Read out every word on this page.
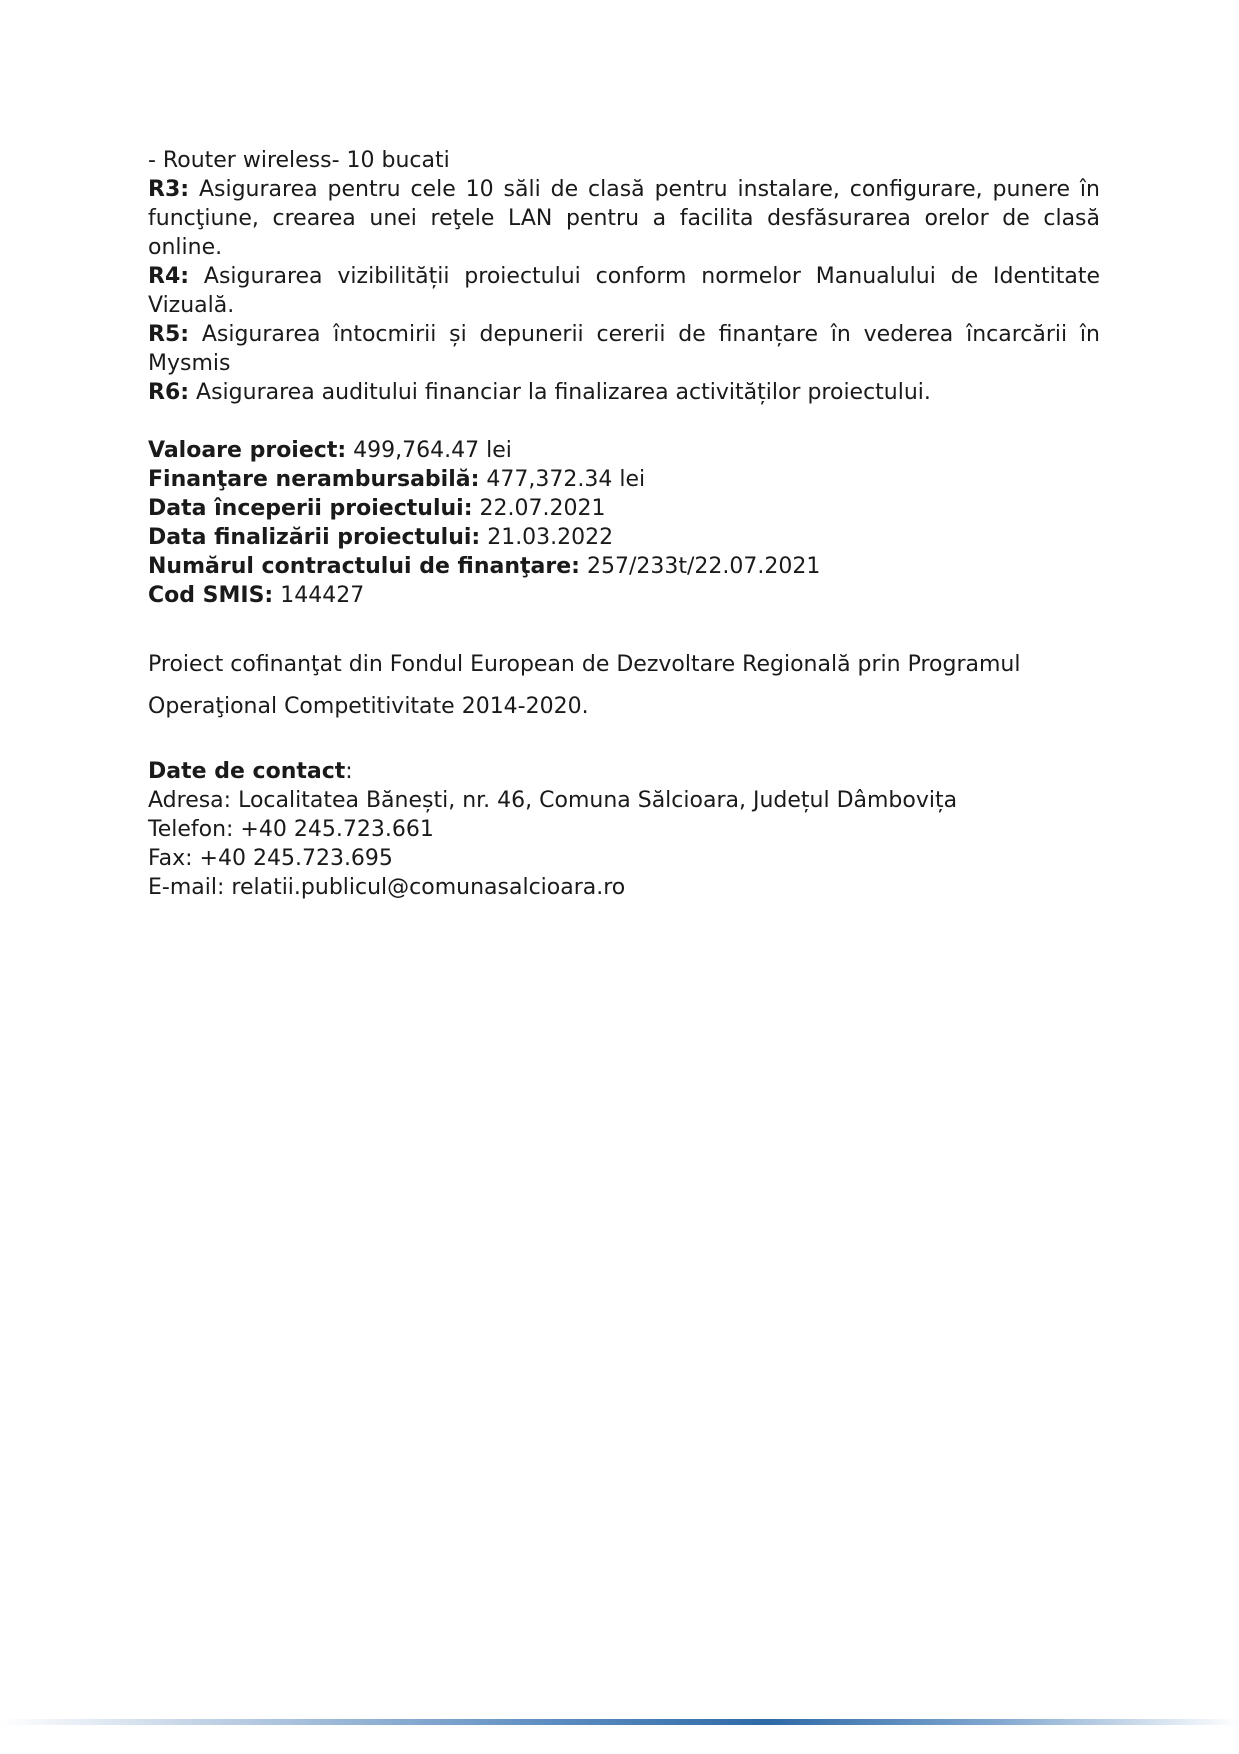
- Router wireless- 10 bucati
R3: Asigurarea pentru cele 10 săli de clasă pentru instalare, configurare, punere în funcţiune, crearea unei reţele LAN pentru a facilita desfăsurarea orelor de clasă online.
R4: Asigurarea vizibilității proiectului conform normelor Manualului de Identitate Vizuală.
R5: Asigurarea întocmirii și depunerii cererii de finanțare în vederea încarcării în Mysmis
R6: Asigurarea auditului financiar la finalizarea activităților proiectului.
Valoare proiect: 499,764.47 lei
Finanţare nerambursabilă: 477,372.34 lei
Data începerii proiectului: 22.07.2021
Data finalizării proiectului: 21.03.2022
Numărul contractului de finanţare: 257/233t/22.07.2021
Cod SMIS: 144427
Proiect cofinanţat din Fondul European de Dezvoltare Regională prin Programul
Operaţional Competitivitate 2014-2020.
Date de contact:
Adresa: Localitatea Bănești, nr. 46, Comuna Sălcioara, Județul Dâmbovița
Telefon: +40 245.723.661
Fax: +40 245.723.695
E-mail: relatii.publicul@comunasalcioara.ro
